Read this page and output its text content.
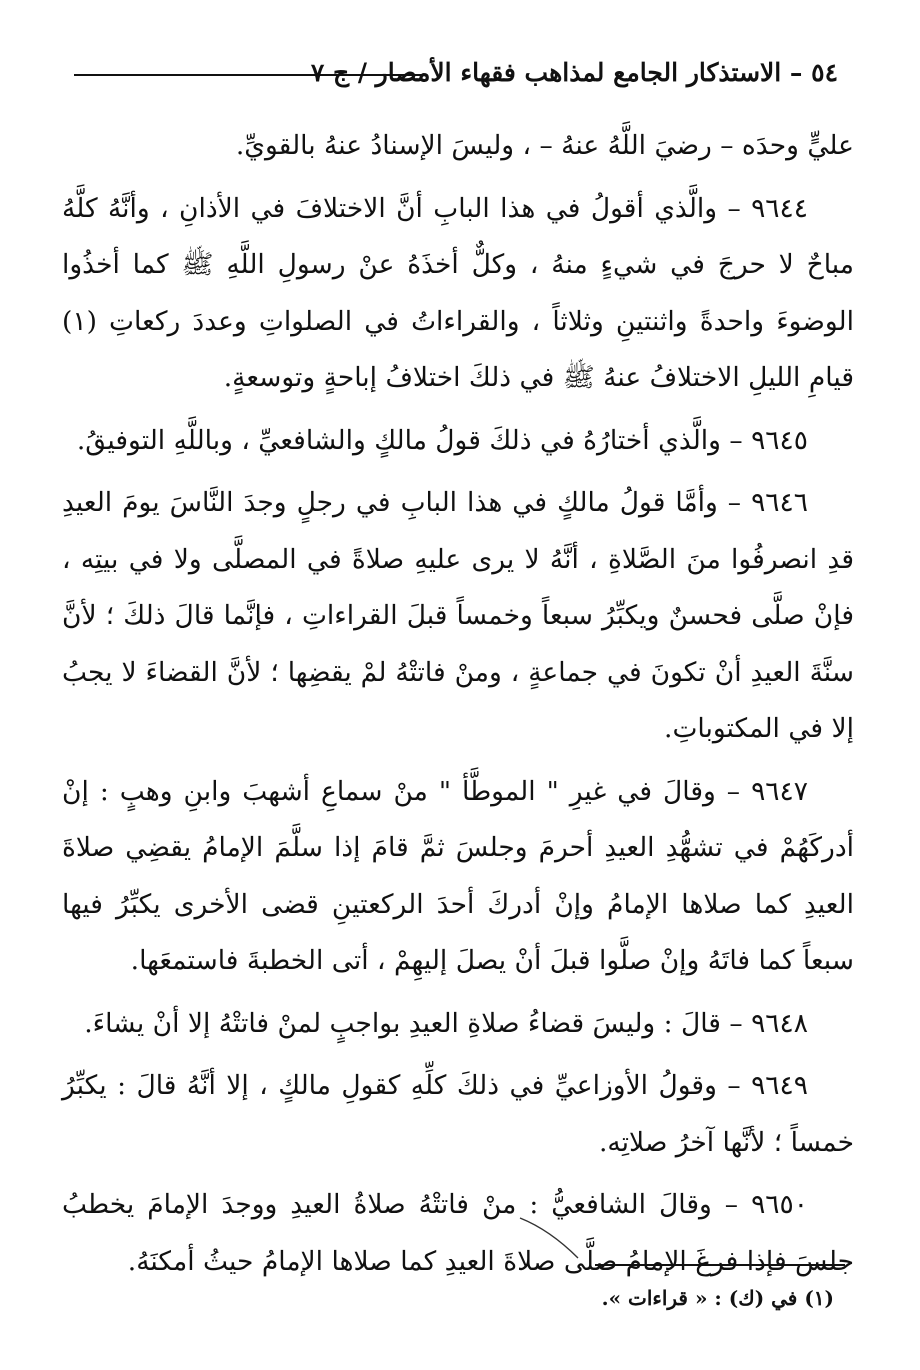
٥٤ – الاستذكار الجامع لمذاهب فقهاء الأمصار / ج ٧

عليٍّ وحدَه – رضيَ اللَّهُ عنهُ – ، وليسَ الإسنادُ عنهُ بالقويِّ.

٩٦٤٤ – والَّذي أقولُ في هذا البابِ أنَّ الاختلافَ في الأذانِ ، وأنَّهُ كلَّهُ مباحٌ لا حرجَ في شيءٍ منهُ ، وكلٌّ أخذَهُ عنْ رسولِ اللَّهِ ﷺ كما أخذُوا الوضوءَ واحدةً واثنتينِ وثلاثاً ، والقراءاتُ في الصلواتِ وعددَ ركعاتِ (١) قيامِ الليلِ الاختلافُ عنهُ ﷺ في ذلكَ اختلافُ إباحةٍ وتوسعةٍ.

٩٦٤٥ – والَّذي أختارُهُ في ذلكَ قولُ مالكٍ والشافعيِّ ، وباللَّهِ التوفيقُ.

٩٦٤٦ – وأمَّا قولُ مالكٍ في هذا البابِ في رجلٍ وجدَ النَّاسَ يومَ العيدِ قدِ انصرفُوا منَ الصَّلاةِ ، أنَّهُ لا يرى عليهِ صلاةً في المصلَّى ولا في بيتِه ، فإنْ صلَّى فحسنٌ ويكبِّرُ سبعاً وخمساً قبلَ القراءاتِ ، فإنَّما قالَ ذلكَ ؛ لأنَّ سنَّةَ العيدِ أنْ تكونَ في جماعةٍ ، ومنْ فاتتْهُ لمْ يقضِها ؛ لأنَّ القضاءَ لا يجبُ إلا في المكتوباتِ.

٩٦٤٧ – وقالَ في غيرِ " الموطَّأ " منْ سماعِ أشهبَ وابنِ وهبٍ : إنْ أدركَهُمْ في تشهُّدِ العيدِ أحرمَ وجلسَ ثمَّ قامَ إذا سلَّمَ الإمامُ يقضِي صلاةَ العيدِ كما صلاها الإمامُ وإنْ أدركَ أحدَ الركعتينِ قضى الأخرى يكبِّرُ فيها سبعاً كما فاتَهُ وإنْ صلَّوا قبلَ أنْ يصلَ إليهِمْ ، أتى الخطبةَ فاستمعَها.

٩٦٤٨ – قالَ : وليسَ قضاءُ صلاةِ العيدِ بواجبٍ لمنْ فاتتْهُ إلا أنْ يشاءَ.

٩٦٤٩ – وقولُ الأوزاعيِّ في ذلكَ كلِّهِ كقولِ مالكٍ ، إلا أنَّهُ قالَ : يكبِّرُ خمساً ؛ لأنَّها آخرُ صلاتِه.

٩٦٥٠ – وقالَ الشافعيُّ : منْ فاتتْهُ صلاةُ العيدِ ووجدَ الإمامَ يخطبُ جلسَ فإذا فرغَ الإمامُ صلَّى صلاةَ العيدِ كما صلاها الإمامُ حيثُ أمكنَهُ.

(١) في (ك) : « قراءات ».
